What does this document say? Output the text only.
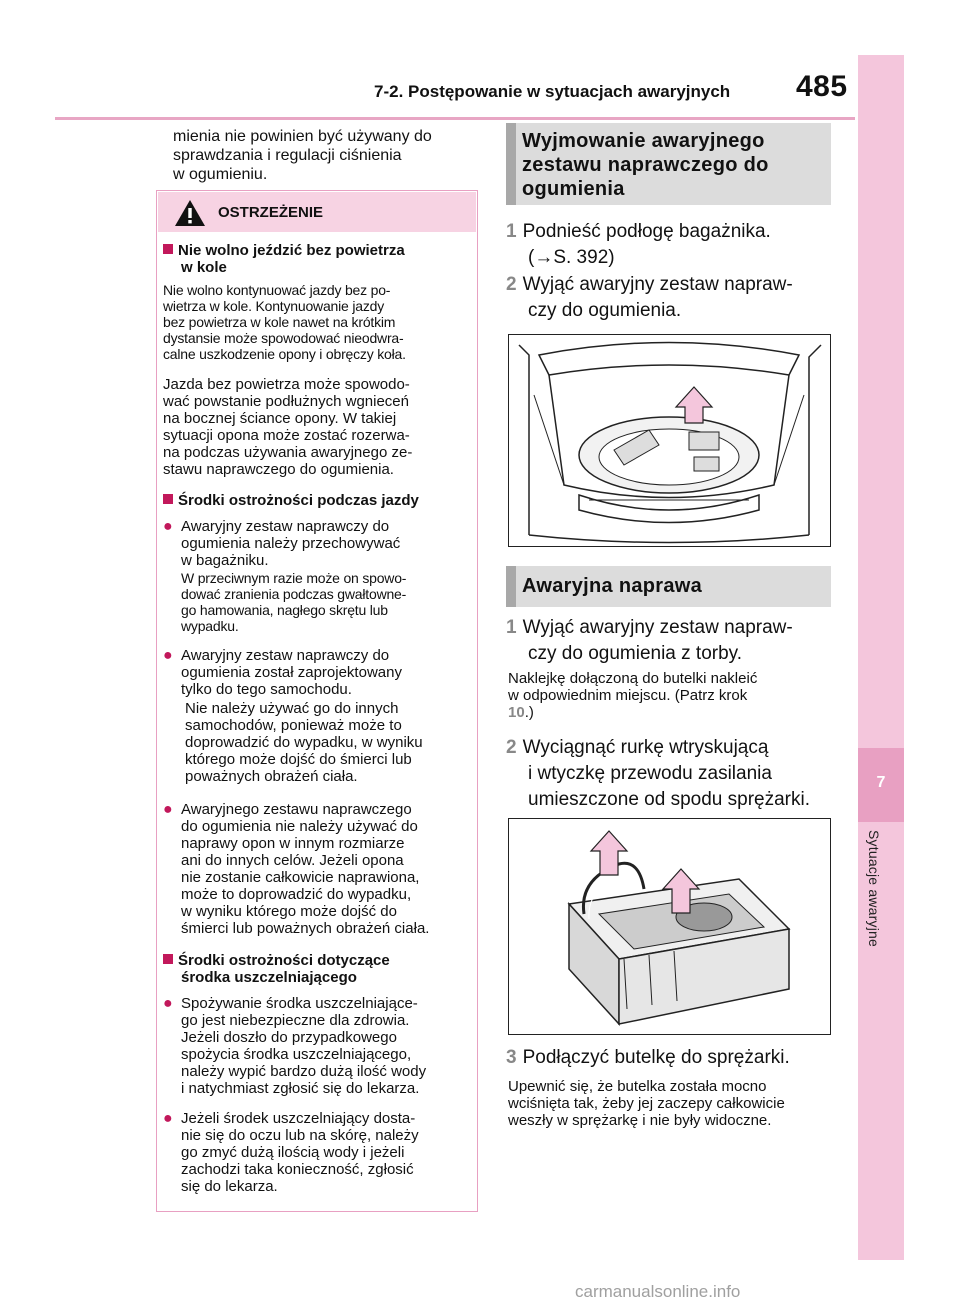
7-2. Postępowanie w sytuacjach awaryjnych 485
7
Sytuacje awaryjne
mienia nie powinien być używany do
sprawdzania i regulacji ciśnienia
w ogumieniu.
OSTRZEŻENIE
Nie wolno jeździć bez powietrza
w kole
Nie wolno kontynuować jazdy bez po-
wietrza w kole. Kontynuowanie jazdy
bez powietrza w kole nawet na krótkim
dystansie może spowodować nieodwra-
calne uszkodzenie opony i obręczy koła.
Jazda bez powietrza może spowodo-
wać powstanie podłużnych wgnieceń
na bocznej ściance opony. W takiej
sytuacji opona może zostać rozerwa-
na podczas używania awaryjnego ze-
stawu naprawczego do ogumienia.
Środki ostrożności podczas jazdy
● Awaryjny zestaw naprawczy do
ogumienia należy przechowywać
w bagażniku.
W przeciwnym razie może on spowo-
dować zranienia podczas gwałtowne-
go hamowania, nagłego skrętu lub
wypadku.
● Awaryjny zestaw naprawczy do
ogumienia został zaprojektowany
tylko do tego samochodu.
Nie należy używać go do innych
samochodów, ponieważ może to
doprowadzić do wypadku, w wyniku
którego może dojść do śmierci lub
poważnych obrażeń ciała.
● Awaryjnego zestawu naprawczego
do ogumienia nie należy używać do
naprawy opon w innym rozmiarze
ani do innych celów. Jeżeli opona
nie zostanie całkowicie naprawiona,
może to doprowadzić do wypadku,
w wyniku którego może dojść do
śmierci lub poważnych obrażeń ciała.
Środki ostrożności dotyczące
środka uszczelniającego
● Spożywanie środka uszczelniające-
go jest niebezpieczne dla zdrowia.
Jeżeli doszło do przypadkowego
spożycia środka uszczelniającego,
należy wypić bardzo dużą ilość wody
i natychmiast zgłosić się do lekarza.
● Jeżeli środek uszczelniający dosta-
nie się do oczu lub na skórę, należy
go zmyć dużą ilością wody i jeżeli
zachodzi taka konieczność, zgłosić
się do lekarza.
Wyjmowanie awaryjnego
zestawu naprawczego do
ogumienia
1 Podnieść podłogę bagażnika.
(→S. 392)
2 Wyjąć awaryjny zestaw napraw-
czy do ogumienia.
Awaryjna naprawa
1 Wyjąć awaryjny zestaw napraw-
czy do ogumienia z torby.
Naklejkę dołączoną do butelki nakleić
w odpowiednim miejscu. (Patrz krok
10.)
2 Wyciągnąć rurkę wtryskującą
i wtyczkę przewodu zasilania
umieszczone od spodu sprężarki.
3 Podłączyć butelkę do sprężarki.
Upewnić się, że butelka została mocno
wciśnięta tak, żeby jej zaczepy całkowicie
weszły w sprężarkę i nie były widoczne.
carmanualsonline.info
